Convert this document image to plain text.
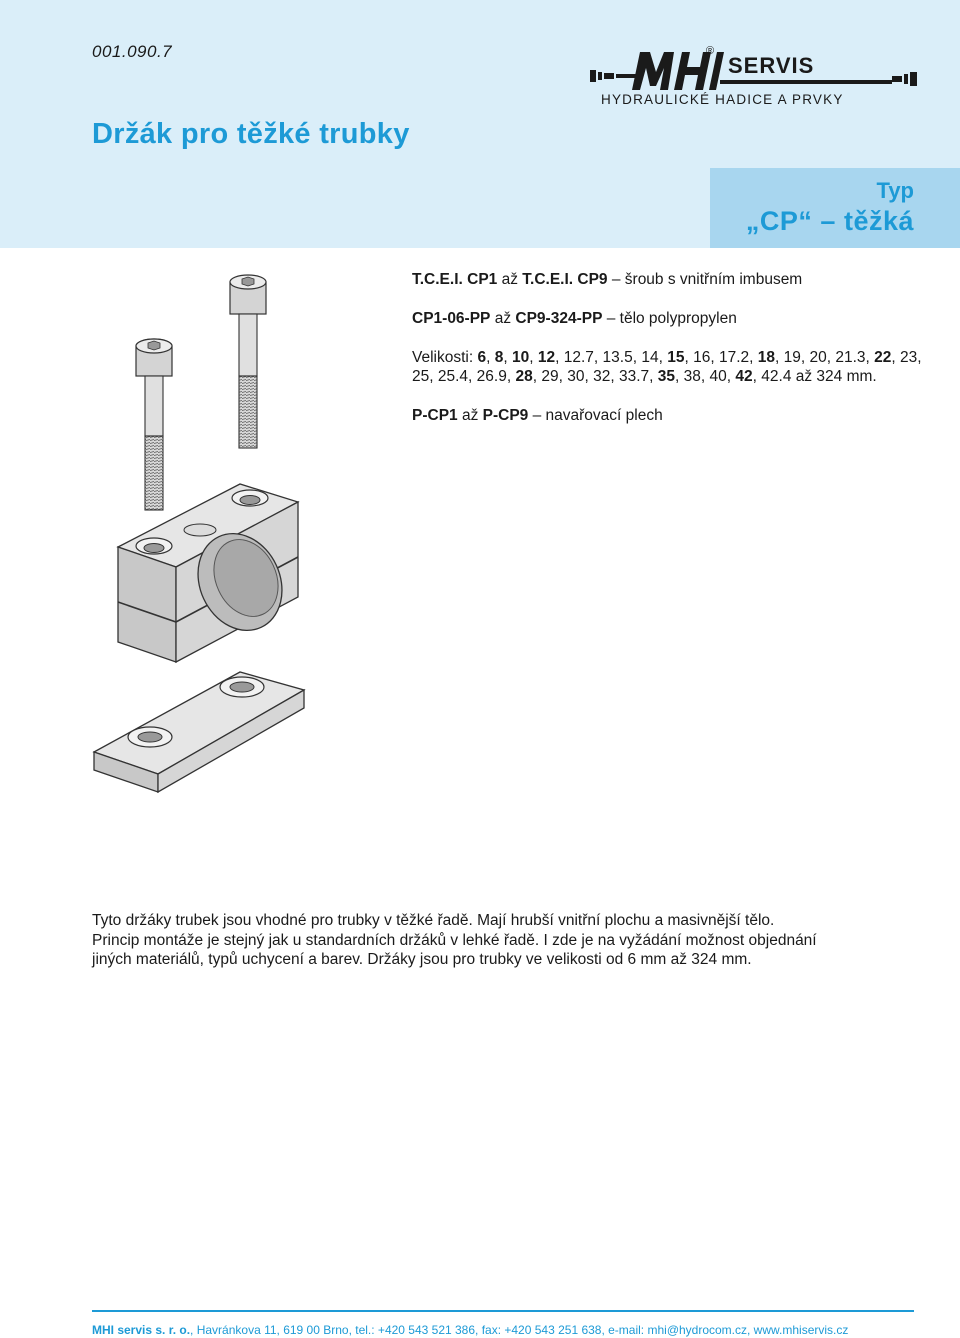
001.090.7
Držák pro těžké trubky
®
SERVIS
HYDRAULICKÉ HADICE A PRVKY
Typ
„CP“ – těžká

T.C.E.I. CP1 až T.C.E.I. CP9 – šroub s vnitřním imbusem

CP1-06-PP až CP9-324-PP – tělo polypropylen

Velikosti: 6, 8, 10, 12, 12.7, 13.5, 14, 15, 16, 17.2, 18, 19, 20, 21.3, 22, 23, 25, 25.4, 26.9, 28, 29, 30, 32, 33.7, 35, 38, 40, 42, 42.4 až 324 mm.

P-CP1 až P-CP9 – navařovací plech

Tyto držáky trubek jsou vhodné pro trubky v těžké řadě. Mají hrubší vnitřní plochu a masivnější tělo.

Princip montáže je stejný jak u standardních držáků v lehké řadě. I zde je na vyžádání možnost objednání

jiných materiálů, typů uchycení a barev. Držáky jsou pro trubky ve velikosti od 6 mm až 324 mm.

MHI servis s. r. o., Havránkova 11, 619 00 Brno, tel.: +420 543 521 386, fax: +420 543 251 638, e-mail: mhi@hydrocom.cz, www.mhiservis.cz
